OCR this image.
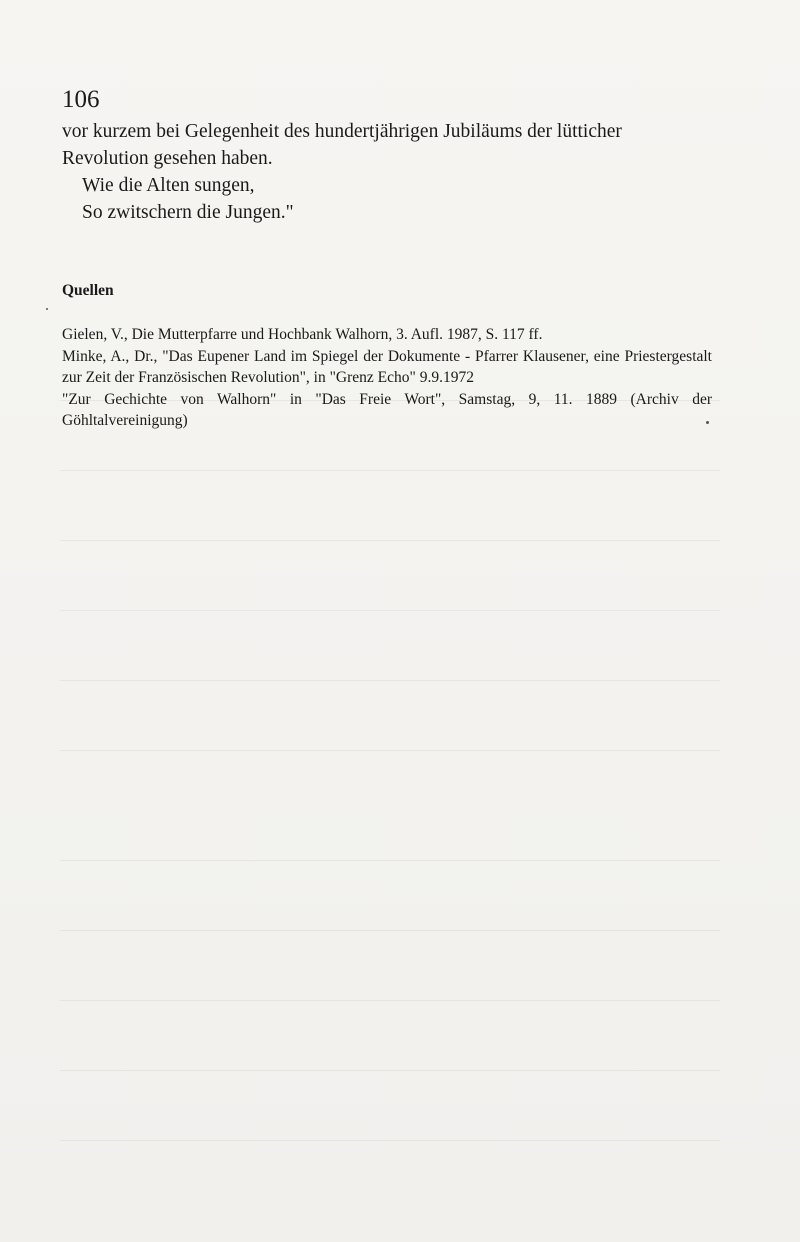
106

vor kurzem bei Gelegenheit des hundertjährigen Jubiläums der lütticher

Revolution gesehen haben.

Wie die Alten sungen,

So zwitschern die Jungen."

Quellen

Gielen, V., Die Mutterpfarre und Hochbank Walhorn, 3. Aufl. 1987, S. 117 ff.

Minke, A., Dr., "Das Eupener Land im Spiegel der Dokumente - Pfarrer Klausener, eine Priestergestalt zur Zeit der Französischen Revolution", in "Grenz Echo" 9.9.1972

"Zur Gechichte von Walhorn" in "Das Freie Wort", Samstag, 9, 11. 1889 (Archiv der Göhltalvereinigung)
